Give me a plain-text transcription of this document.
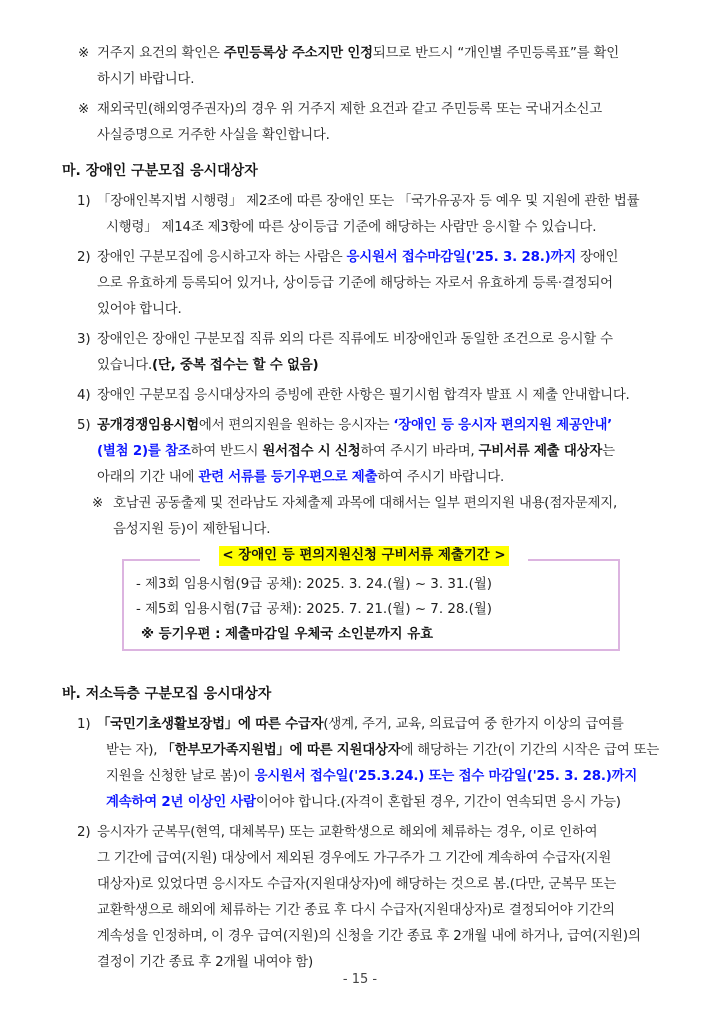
※ 거주지 요건의 확인은 주민등록상 주소지만 인정되므로 반드시 “개인별 주민등록표”를 확인
하시기 바랍니다.
※ 재외국민(해외영주권자)의 경우 위 거주지 제한 요건과 같고 주민등록 또는 국내거소신고
사실증명으로 거주한 사실을 확인합니다.
마. 장애인 구분모집 응시대상자
1) 「장애인복지법 시행령」 제2조에 따른 장애인 또는 「국가유공자 등 예우 및 지원에 관한 법률
시행령」 제14조 제3항에 따른 상이등급 기준에 해당하는 사람만 응시할 수 있습니다.
2) 장애인 구분모집에 응시하고자 하는 사람은 응시원서 접수마감일('25. 3. 28.)까지 장애인
으로 유효하게 등록되어 있거나, 상이등급 기준에 해당하는 자로서 유효하게 등록·결정되어
있어야 합니다.
3) 장애인은 장애인 구분모집 직류 외의 다른 직류에도 비장애인과 동일한 조건으로 응시할 수
있습니다.(단, 중복 접수는 할 수 없음)
4) 장애인 구분모집 응시대상자의 증빙에 관한 사항은 필기시험 합격자 발표 시 제출 안내합니다.
5) 공개경쟁임용시험에서 편의지원을 원하는 응시자는 ‘장애인 등 응시자 편의지원 제공안내’
(별첨 2)를 참조하여 반드시 원서접수 시 신청하여 주시기 바라며, 구비서류 제출 대상자는
아래의 기간 내에 관련 서류를 등기우편으로 제출하여 주시기 바랍니다.
※ 호남권 공동출제 및 전라남도 자체출제 과목에 대해서는 일부 편의지원 내용(점자문제지,
음성지원 등)이 제한됩니다.
< 장애인 등 편의지원신청 구비서류 제출기간 >
- 제3회 임용시험(9급 공채): 2025. 3. 24.(월) ~ 3. 31.(월)
- 제5회 임용시험(7급 공채): 2025. 7. 21.(월) ~ 7. 28.(월)
※ 등기우편 : 제출마감일 우체국 소인분까지 유효
바. 저소득층 구분모집 응시대상자
1) 「국민기초생활보장법」에 따른 수급자(생계, 주거, 교육, 의료급여 중 한가지 이상의 급여를
받는 자), 「한부모가족지원법」에 따른 지원대상자에 해당하는 기간(이 기간의 시작은 급여 또는
지원을 신청한 날로 봄)이 응시원서 접수일('25.3.24.) 또는 접수 마감일('25. 3. 28.)까지
계속하여 2년 이상인 사람이어야 합니다.(자격이 혼합된 경우, 기간이 연속되면 응시 가능)
2) 응시자가 군복무(현역, 대체복무) 또는 교환학생으로 해외에 체류하는 경우, 이로 인하여
그 기간에 급여(지원) 대상에서 제외된 경우에도 가구주가 그 기간에 계속하여 수급자(지원
대상자)로 있었다면 응시자도 수급자(지원대상자)에 해당하는 것으로 봄.(다만, 군복무 또는
교환학생으로 해외에 체류하는 기간 종료 후 다시 수급자(지원대상자)로 결정되어야 기간의
계속성을 인정하며, 이 경우 급여(지원)의 신청을 기간 종료 후 2개월 내에 하거나, 급여(지원)의
결정이 기간 종료 후 2개월 내여야 함)
- 15 -
